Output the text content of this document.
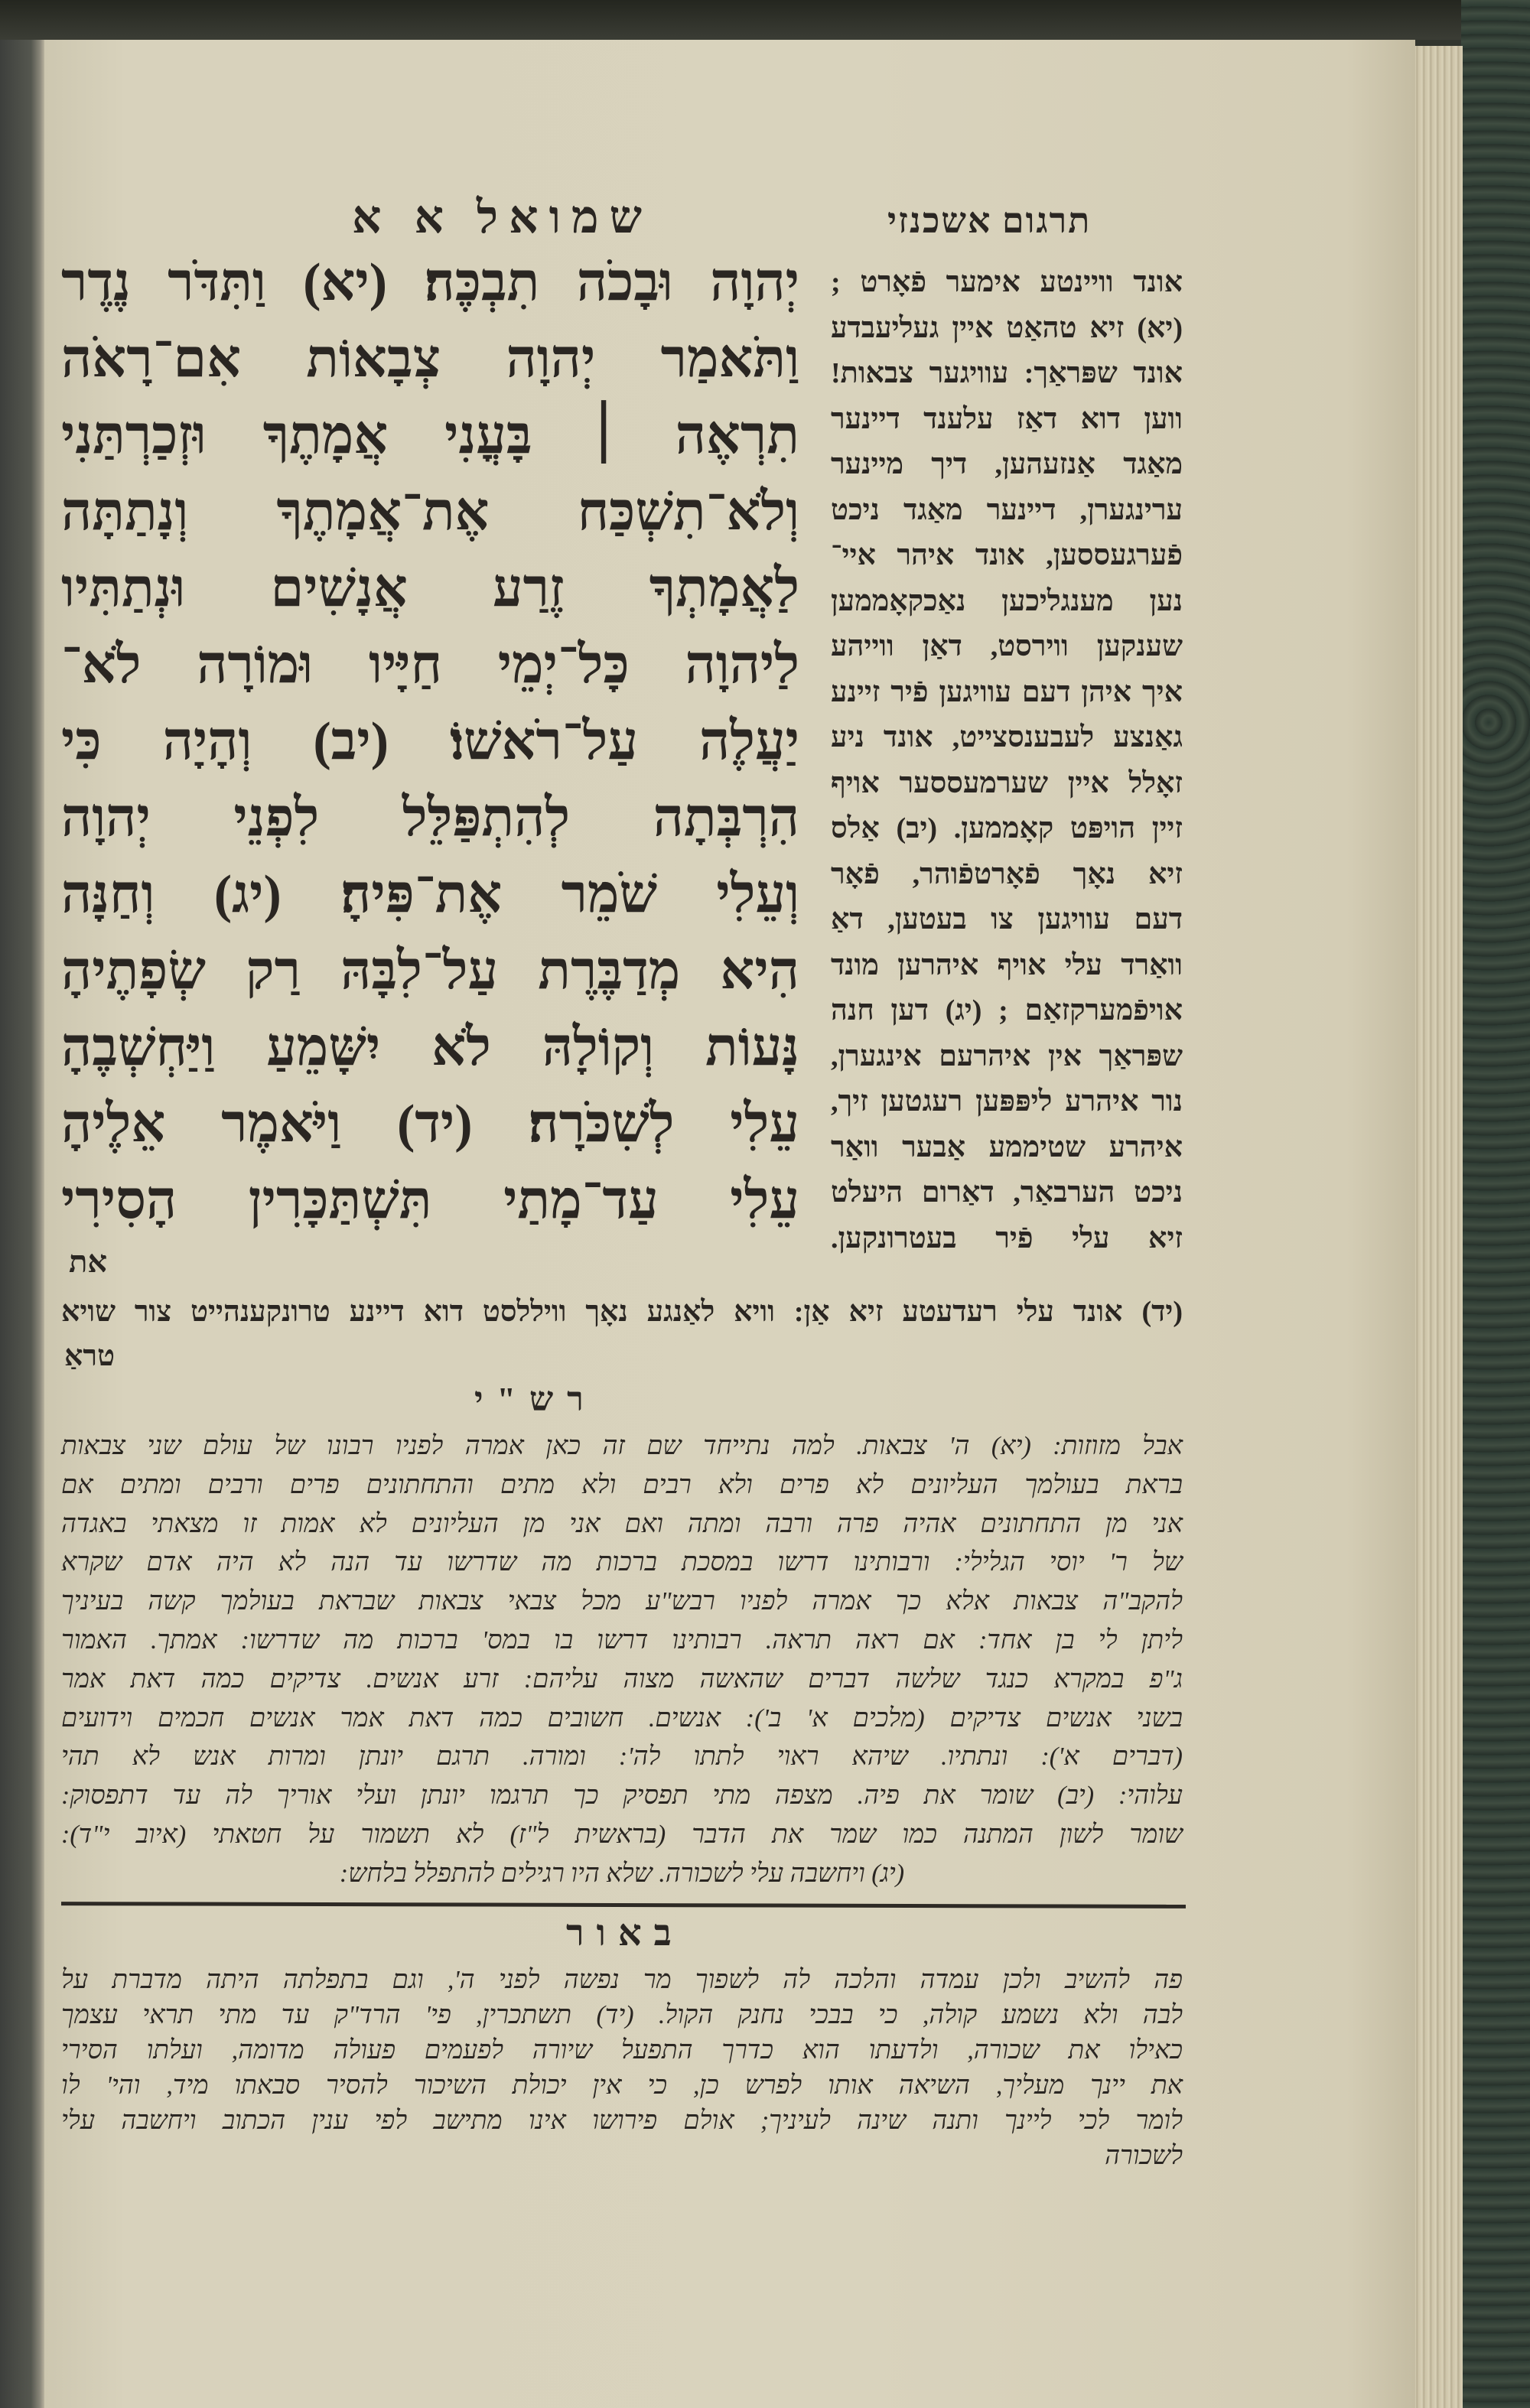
שמואל א א	תרגום אשכנזי
יְהוָה וּבָכֹה תִבְכֶּה׃ (יא) וַתִּדֹּר נֶדֶר
וַתֹּאמַר יְהוָה צְבָאוֹת אִם־רָאֹה
תִרְאֶה ׀ בָּעֳנִי אֲמָתֶךָ וּזְכַרְתַּנִי
וְלֹא־תִשְׁכַּח אֶת־אֲמָתֶךָ וְנָתַתָּה
לַאֲמָתְךָ זֶרַע אֲנָשִׁים וּנְתַתִּיו
לַיהוָה כָּל־יְמֵי חַיָּיו וּמוֹרָה לֹא־
יַעֲלֶה עַל־רֹאשׁוֹ׃ (יב) וְהָיָה כִּי
הִרְבְּתָה לְהִתְפַּלֵּל לִפְנֵי יְהוָה
וְעֵלִי שֹׁמֵר אֶת־פִּיהָ׃ (יג) וְחַנָּה
הִיא מְדַבֶּרֶת עַל־לִבָּהּ רַק שְׂפָתֶיהָ
נָּעוֹת וְקוֹלָהּ לֹא יִשָּׁמֵעַ וַיַּחְשְׁבֶהָ
עֵלִי לְשִׁכֹּרָה׃ (יד) וַיֹּאמֶר אֵלֶיהָ
עֵלִי עַד־מָתַי תִּשְׁתַּכָּרִין הָסִירִי
את
אונד וויינטע אימער פֿאָרט ;
(יא) זיא טהאַט איין געליעבדע
אונד שפּראַך: עוויגער צבאות!
ווען דוא דאַז עלענד דיינער
מאַגד אַנזעהען, דיך מיינער
ערינגערן, דיינער מאַגד ניכט
פֿערגעססען, אונד איהר איי־
נען מענגליכען נאַכקאָממען
שענקען ווירסט, דאַן ווייהע
איך איהן דעם עוויגען פֿיר זיינע
גאַנצע לעבענסצייט, אונד ניע
זאָלל איין שערמעססער אויף
זיין הויפּט קאָממען. (יב) אַלס
זיא נאָך פֿאָרטפֿוהר, פֿאָר
דעם עוויגען צו בעטען, דאַ
וואַרד עלי אויף איהרען מונד
אויפֿמערקזאַם ; (יג) דען חנה
שפּראַך אין איהרעם אינגערן,
נור איהרע ליפּפּען רעגטען זיך,
איהרע שטיממע אַבער וואַר
ניכט הערבאַר, דאַרום היעלט
זיא עלי פֿיר בעטרונקען.
(יד) אונד עלי רעדעטע זיא אַן: וויא לאַנגע נאָך וויללסט דוא דיינע טרונקענהייט צור שויא
טראַ
רש"י
אבל מזוזות: (יא) ה' צבאות. למה נתייחד שם זה כאן אמרה לפניו רבונו של עולם שני צבאות
בראת בעולמך העליונים לא פרים ולא רבים ולא מתים והתחתונים פרים ורבים ומתים אם
אני מן התחתונים אהיה פרה ורבה ומתה ואם אני מן העליונים לא אמות זו מצאתי באגדה
של ר' יוסי הגלילי: ורבותינו דרשו במסכת ברכות מה שדרשו עד הנה לא היה אדם שקרא
להקב"ה צבאות אלא כך אמרה לפניו רבש"ע מכל צבאי צבאות שבראת בעולמך קשה בעיניך
ליתן לי בן אחד: אם ראה תראה. רבותינו דרשו בו במס' ברכות מה שדרשו: אמתך. האמור
ג"פ במקרא כנגד שלשה דברים שהאשה מצוה עליהם: זרע אנשים. צדיקים כמה דאת אמר
בשני אנשים צדיקים (מלכים א' ב'): אנשים. חשובים כמה דאת אמר אנשים חכמים וידועים
(דברים א'): ונתתיו. שיהא ראוי לתתו לה': ומורה. תרגם יונתן ומרות אנש לא תהי
עלוהי: (יב) שומר את פיה. מצפה מתי תפסיק כך תרגמו יונתן ועלי אוריך לה עד דתפסוק:
שומר לשון המתנה כמו שמר את הדבר (בראשית ל"ז) לא תשמור על חטאתי (איוב י"ד):
(יג) ויחשבה עלי לשכורה. שלא היו רגילים להתפלל בלחש:
באור
פה להשיב ולכן עמדה והלכה לה לשפוך מר נפשה לפני ה', וגם בתפלתה היתה מדברת על
לבה ולא נשמע קולה, כי בבכי נחנק הקול. (יד) תשתכרין, פי' הרד"ק עד מתי תראי עצמך
כאילו את שכורה, ולדעתו הוא כדרך התפעל שיורה לפעמים פעולה מדומה, ועלתו הסירי
את יינך מעליך, השיאה אותו לפרש כן, כי אין יכולת השיכור להסיר סבאתו מיד, והי' לו
לומר לכי ליינך ותנה שינה לעיניך; אולם פירושו אינו מתישב לפי ענין הכתוב ויחשבה עלי
לשכורה
